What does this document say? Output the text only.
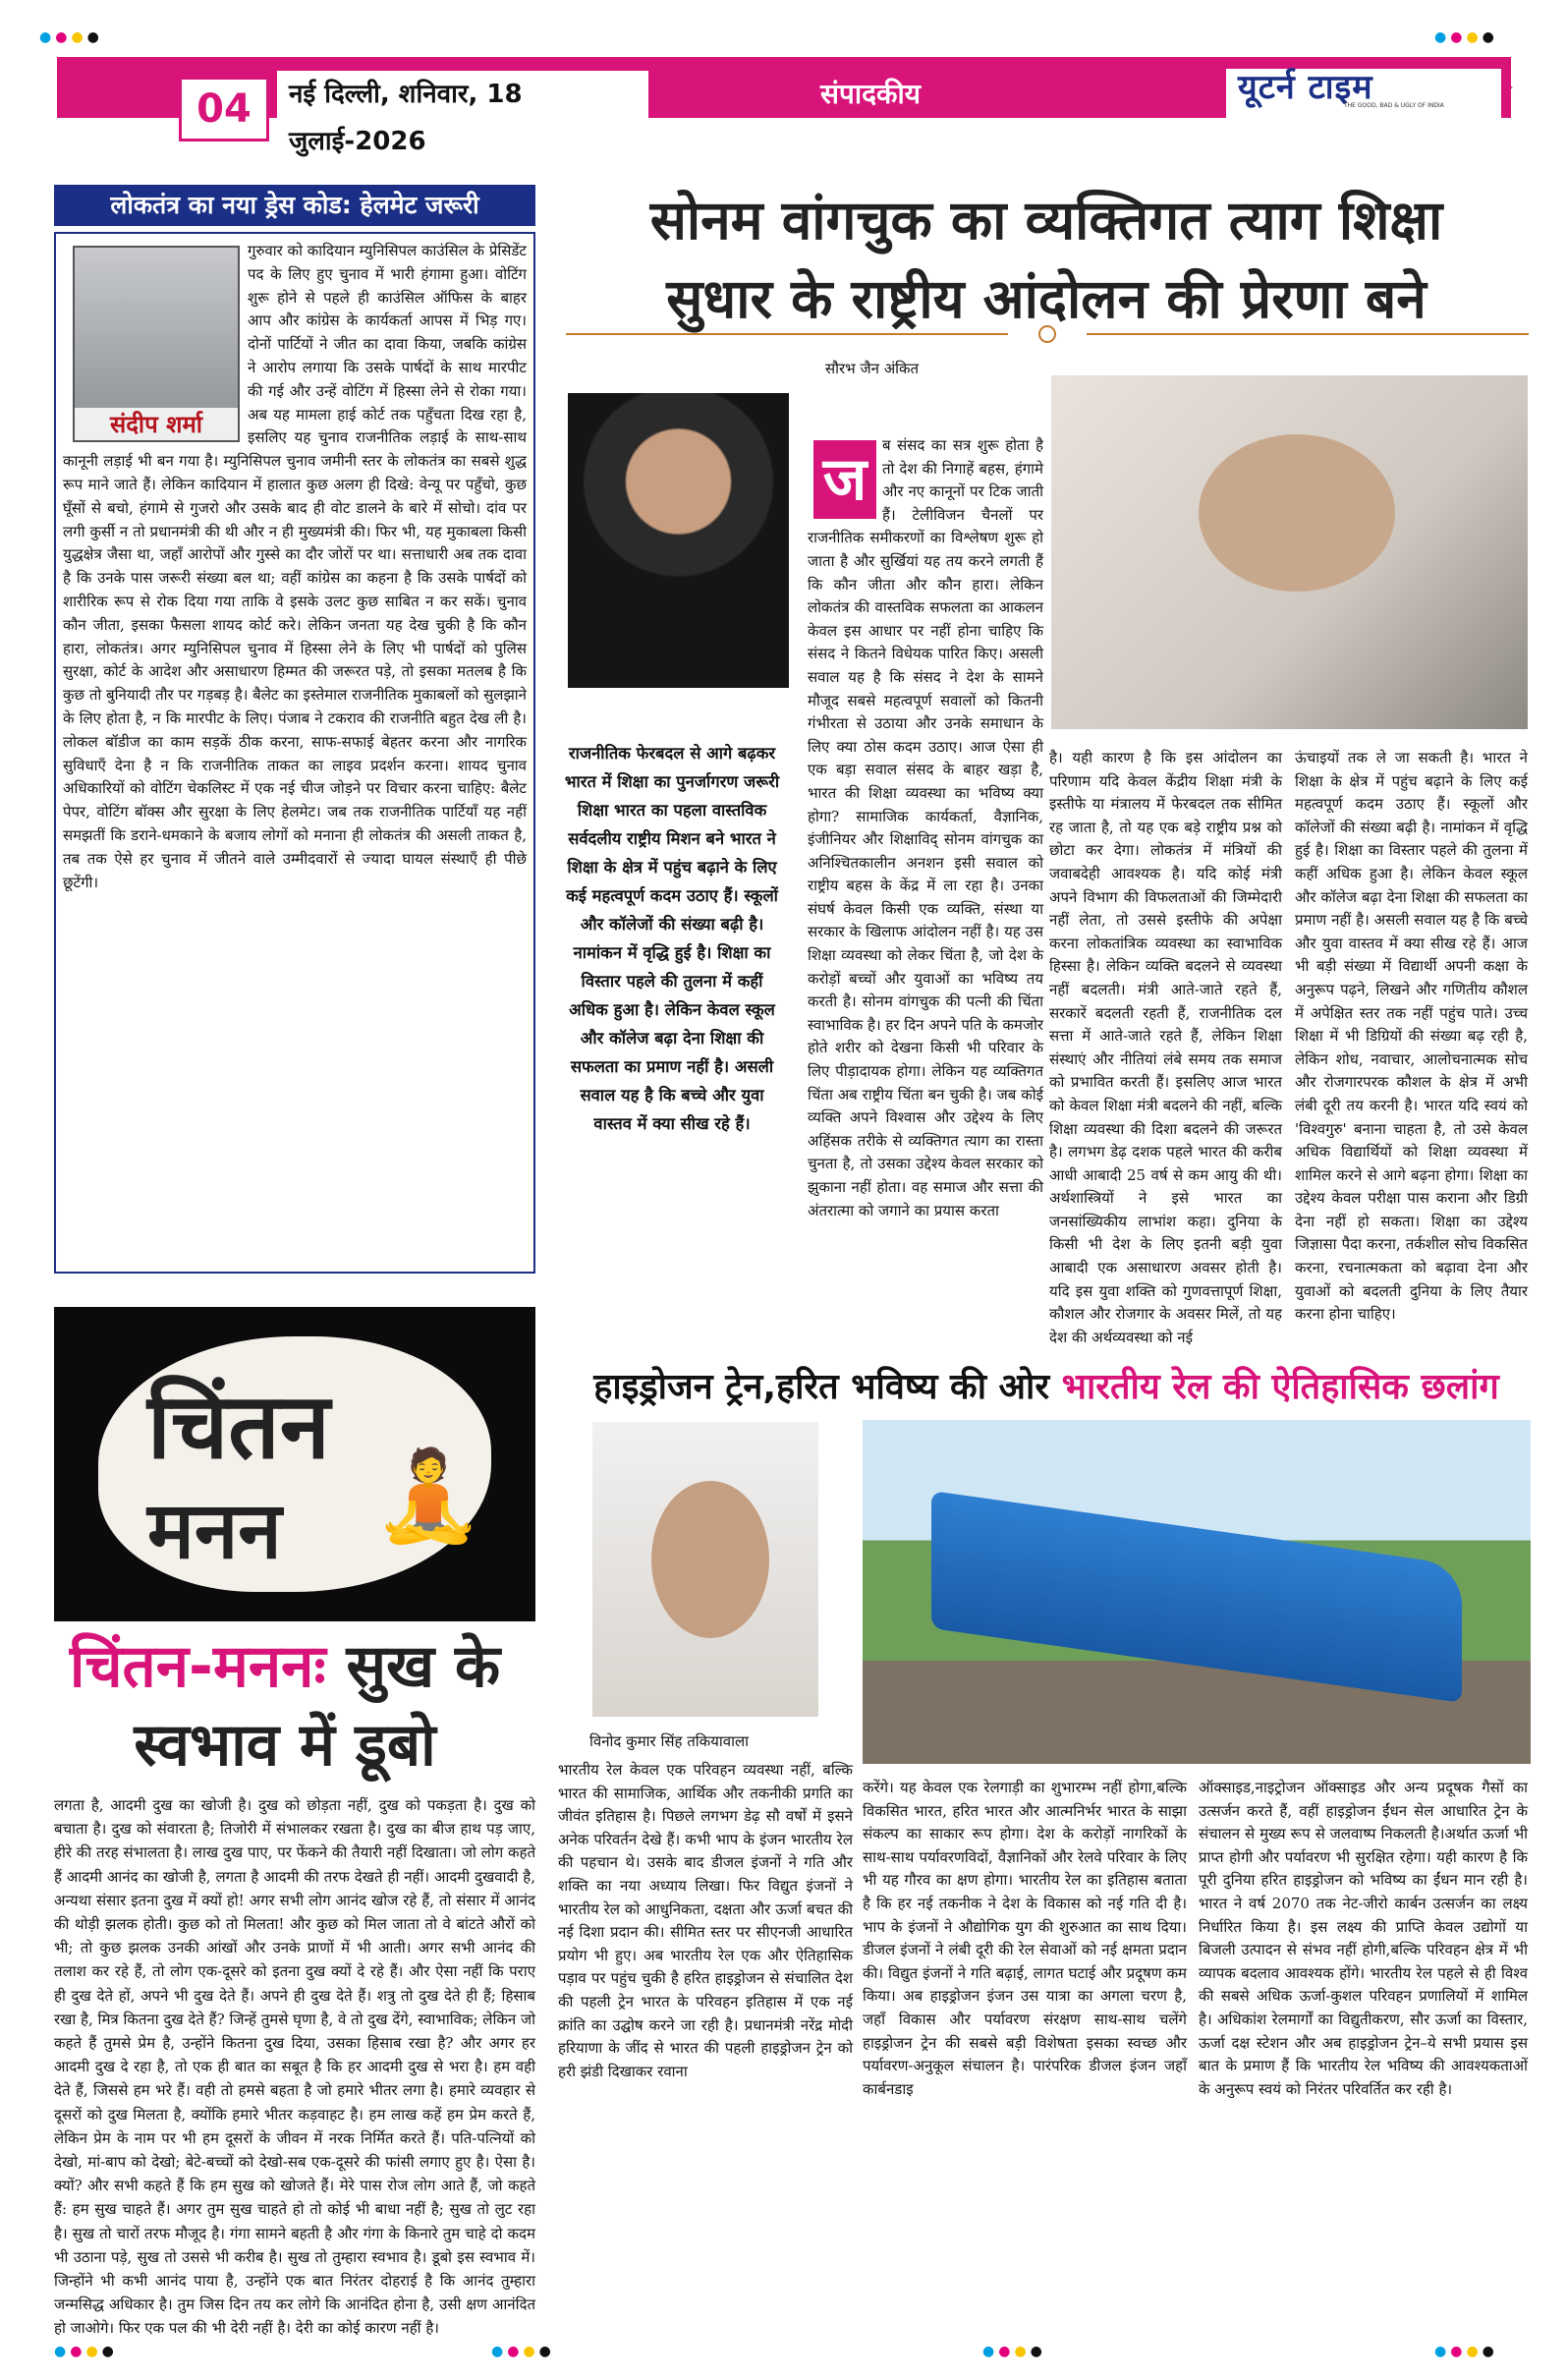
04	नई दिल्ली, शनिवार, 18 जुलाई-2026
संपादकीय	यूटर्न टाइम
THE GOOD, BAD & UGLY OF INDIA
●●●●	●●●●
लोकतंत्र का नया ड्रेस कोड: हेलमेट जरूरी
संदीप शर्मा

गुरुवार को कादियान म्युनिसिपल काउंसिल के प्रेसिडेंट पद के लिए हुए चुनाव में भारी हंगामा हुआ। वोटिंग शुरू होने से पहले ही काउंसिल ऑफिस के बाहर आप और कांग्रेस के कार्यकर्ता आपस में भिड़ गए। दोनों पार्टियों ने जीत का दावा किया, जबकि कांग्रेस ने आरोप लगाया कि उसके पार्षदों के साथ मारपीट की गई और उन्हें वोटिंग में हिस्सा लेने से रोका गया। अब यह मामला हाई कोर्ट तक पहुँचता दिख रहा है, इसलिए यह चुनाव राजनीतिक लड़ाई के साथ-साथ कानूनी लड़ाई भी बन गया है। म्युनिसिपल चुनाव जमीनी स्तर के लोकतंत्र का सबसे शुद्ध रूप माने जाते हैं। लेकिन कादियान में हालात कुछ अलग ही दिखे: वेन्यू पर पहुँचो, कुछ घूँसों से बचो, हंगामे से गुजरो और उसके बाद ही वोट डालने के बारे में सोचो। दांव पर लगी कुर्सी न तो प्रधानमंत्री की थी और न ही मुख्यमंत्री की। फिर भी, यह मुकाबला किसी युद्धक्षेत्र जैसा था, जहाँ आरोपों और गुस्से का दौर जोरों पर था। सत्ताधारी अब तक दावा है कि उनके पास जरूरी संख्या बल था; वहीं कांग्रेस का कहना है कि उसके पार्षदों को शारीरिक रूप से रोक दिया गया ताकि वे इसके उलट कुछ साबित न कर सकें। चुनाव कौन जीता, इसका फैसला शायद कोर्ट करे। लेकिन जनता यह देख चुकी है कि कौन हारा, लोकतंत्र। अगर म्युनिसिपल चुनाव में हिस्सा लेने के लिए भी पार्षदों को पुलिस सुरक्षा, कोर्ट के आदेश और असाधारण हिम्मत की जरूरत पड़े, तो इसका मतलब है कि कुछ तो बुनियादी तौर पर गड़बड़ है। बैलेट का इस्तेमाल राजनीतिक मुकाबलों को सुलझाने के लिए होता है, न कि मारपीट के लिए। पंजाब ने टकराव की राजनीति बहुत देख ली है। लोकल बॉडीज का काम सड़कें ठीक करना, साफ-सफाई बेहतर करना और नागरिक सुविधाएँ देना है न कि राजनीतिक ताकत का लाइव प्रदर्शन करना। शायद चुनाव अधिकारियों को वोटिंग चेकलिस्ट में एक नई चीज जोड़ने पर विचार करना चाहिए: बैलेट पेपर, वोटिंग बॉक्स और सुरक्षा के लिए हेलमेट। जब तक राजनीतिक पार्टियाँ यह नहीं समझतीं कि डराने-धमकाने के बजाय लोगों को मनाना ही लोकतंत्र की असली ताकत है, तब तक ऐसे हर चुनाव में जीतने वाले उम्मीदवारों से ज्यादा घायल संस्थाएँ ही पीछे छूटेंगी।

चिंतन
मनन 🧘
चिंतन-मननः सुख के
स्वभाव में डूबो

लगता है, आदमी दुख का खोजी है। दुख को छोड़ता नहीं, दुख को पकड़ता है। दुख को बचाता है। दुख को संवारता है; तिजोरी में संभालकर रखता है। दुख का बीज हाथ पड़ जाए, हीरे की तरह संभालता है। लाख दुख पाए, पर फेंकने की तैयारी नहीं दिखाता। जो लोग कहते हैं आदमी आनंद का खोजी है, लगता है आदमी की तरफ देखते ही नहीं। आदमी दुखवादी है, अन्यथा संसार इतना दुख में क्यों हो! अगर सभी लोग आनंद खोज रहे हैं, तो संसार में आनंद की थोड़ी झलक होती। कुछ को तो मिलता! और कुछ को मिल जाता तो वे बांटते औरों को भी; तो कुछ झलक उनकी आंखों और उनके प्राणों में भी आती। अगर सभी आनंद की तलाश कर रहे हैं, तो लोग एक-दूसरे को इतना दुख क्यों दे रहे हैं। और ऐसा नहीं कि पराए ही दुख देते हों, अपने भी दुख देते हैं। अपने ही दुख देते हैं। शत्रु तो दुख देते ही हैं; हिसाब रखा है, मित्र कितना दुख देते हैं? जिन्हें तुमसे घृणा है, वे तो दुख देंगे, स्वाभाविक; लेकिन जो कहते हैं तुमसे प्रेम है, उन्होंने कितना दुख दिया, उसका हिसाब रखा है? और अगर हर आदमी दुख दे रहा है, तो एक ही बात का सबूत है कि हर आदमी दुख से भरा है। हम वही देते हैं, जिससे हम भरे हैं। वही तो हमसे बहता है जो हमारे भीतर लगा है। हमारे व्यवहार से दूसरों को दुख मिलता है, क्योंकि हमारे भीतर कड़वाहट है। हम लाख कहें हम प्रेम करते हैं, लेकिन प्रेम के नाम पर भी हम दूसरों के जीवन में नरक निर्मित करते हैं। पति-पत्नियों को देखो, मां-बाप को देखो; बेटे-बच्चों को देखो-सब एक-दूसरे की फांसी लगाए हुए है। ऐसा है। क्यों? और सभी कहते हैं कि हम सुख को खोजते हैं। मेरे पास रोज लोग आते हैं, जो कहते हैं: हम सुख चाहते हैं। अगर तुम सुख चाहते हो तो कोई भी बाधा नहीं है; सुख तो लुट रहा है। सुख तो चारों तरफ मौजूद है। गंगा सामने बहती है और गंगा के किनारे तुम चाहे दो कदम भी उठाना पड़े, सुख तो उससे भी करीब है। सुख तो तुम्हारा स्वभाव है। डूबो इस स्वभाव में। जिन्होंने भी कभी आनंद पाया है, उन्होंने एक बात निरंतर दोहराई है कि आनंद तुम्हारा जन्मसिद्ध अधिकार है। तुम जिस दिन तय कर लोगे कि आनंदित होना है, उसी क्षण आनंदित हो जाओगे। फिर एक पल की भी देरी नहीं है। देरी का कोई कारण नहीं है।

सोनम वांगचुक का व्यक्तिगत त्याग शिक्षा
सुधार के राष्ट्रीय आंदोलन की प्रेरणा बने
सौरभ जैन अंकित

राजनीतिक फेरबदल से आगे बढ़कर भारत में शिक्षा का पुनर्जागरण जरूरी शिक्षा भारत का पहला वास्तविक सर्वदलीय राष्ट्रीय मिशन बने भारत ने शिक्षा के क्षेत्र में पहुंच बढ़ाने के लिए कई महत्वपूर्ण कदम उठाए हैं। स्कूलों और कॉलेजों की संख्या बढ़ी है। नामांकन में वृद्धि हुई है। शिक्षा का विस्तार पहले की तुलना में कहीं अधिक हुआ है। लेकिन केवल स्कूल और कॉलेज बढ़ा देना शिक्षा की सफलता का प्रमाण नहीं है। असली सवाल यह है कि बच्चे और युवा वास्तव में क्या सीख रहे हैं।

ज	ब संसद का सत्र शुरू होता है तो देश की निगाहें बहस, हंगामे और नए कानूनों पर टिक जाती हैं। टेलीविजन चैनलों पर राजनीतिक समीकरणों का विश्लेषण शुरू हो जाता है और सुर्खियां यह तय करने लगती हैं कि कौन जीता और कौन हारा। लेकिन लोकतंत्र की वास्तविक सफलता का आकलन केवल इस आधार पर नहीं होना चाहिए कि संसद ने कितने विधेयक पारित किए। असली सवाल यह है कि संसद ने देश के सामने मौजूद सबसे महत्वपूर्ण सवालों को कितनी गंभीरता से उठाया और उनके समाधान के लिए क्या ठोस कदम उठाए। आज ऐसा ही एक बड़ा सवाल संसद के बाहर खड़ा है, भारत की शिक्षा व्यवस्था का भविष्य क्या होगा? सामाजिक कार्यकर्ता, वैज्ञानिक, इंजीनियर और शिक्षाविद् सोनम वांगचुक का अनिश्चितकालीन अनशन इसी सवाल को राष्ट्रीय बहस के केंद्र में ला रहा है। उनका संघर्ष केवल किसी एक व्यक्ति, संस्था या सरकार के खिलाफ आंदोलन नहीं है। यह उस शिक्षा व्यवस्था को लेकर चिंता है, जो देश के करोड़ों बच्चों और युवाओं का भविष्य तय करती है। सोनम वांगचुक की पत्नी की चिंता स्वाभाविक है। हर दिन अपने पति के कमजोर होते शरीर को देखना किसी भी परिवार के लिए पीड़ादायक होगा। लेकिन यह व्यक्तिगत चिंता अब राष्ट्रीय चिंता बन चुकी है। जब कोई व्यक्ति अपने विश्वास और उद्देश्य के लिए अहिंसक तरीके से व्यक्तिगत त्याग का रास्ता चुनता है, तो उसका उद्देश्य केवल सरकार को झुकाना नहीं होता। वह समाज और सत्ता की अंतरात्मा को जगाने का प्रयास करता

है। यही कारण है कि इस आंदोलन का परिणाम यदि केवल केंद्रीय शिक्षा मंत्री के इस्तीफे या मंत्रालय में फेरबदल तक सीमित रह जाता है, तो यह एक बड़े राष्ट्रीय प्रश्न को छोटा कर देगा। लोकतंत्र में मंत्रियों की जवाबदेही आवश्यक है। यदि कोई मंत्री अपने विभाग की विफलताओं की जिम्मेदारी नहीं लेता, तो उससे इस्तीफे की अपेक्षा करना लोकतांत्रिक व्यवस्था का स्वाभाविक हिस्सा है। लेकिन व्यक्ति बदलने से व्यवस्था नहीं बदलती। मंत्री आते-जाते रहते हैं, सरकारें बदलती रहती हैं, राजनीतिक दल सत्ता में आते-जाते रहते हैं, लेकिन शिक्षा संस्थाएं और नीतियां लंबे समय तक समाज को प्रभावित करती हैं। इसलिए आज भारत को केवल शिक्षा मंत्री बदलने की नहीं, बल्कि शिक्षा व्यवस्था की दिशा बदलने की जरूरत है। लगभग डेढ़ दशक पहले भारत की करीब आधी आबादी 25 वर्ष से कम आयु की थी। अर्थशास्त्रियों ने इसे भारत का जनसांख्यिकीय लाभांश कहा। दुनिया के किसी भी देश के लिए इतनी बड़ी युवा आबादी एक असाधारण अवसर होती है। यदि इस युवा शक्ति को गुणवत्तापूर्ण शिक्षा, कौशल और रोजगार के अवसर मिलें, तो यह देश की अर्थव्यवस्था को नई

ऊंचाइयों तक ले जा सकती है। भारत ने शिक्षा के क्षेत्र में पहुंच बढ़ाने के लिए कई महत्वपूर्ण कदम उठाए हैं। स्कूलों और कॉलेजों की संख्या बढ़ी है। नामांकन में वृद्धि हुई है। शिक्षा का विस्तार पहले की तुलना में कहीं अधिक हुआ है। लेकिन केवल स्कूल और कॉलेज बढ़ा देना शिक्षा की सफलता का प्रमाण नहीं है। असली सवाल यह है कि बच्चे और युवा वास्तव में क्या सीख रहे हैं। आज भी बड़ी संख्या में विद्यार्थी अपनी कक्षा के अनुरूप पढ़ने, लिखने और गणितीय कौशल में अपेक्षित स्तर तक नहीं पहुंच पाते। उच्च शिक्षा में भी डिग्रियों की संख्या बढ़ रही है, लेकिन शोध, नवाचार, आलोचनात्मक सोच और रोजगारपरक कौशल के क्षेत्र में अभी लंबी दूरी तय करनी है। भारत यदि स्वयं को 'विश्वगुरु' बनाना चाहता है, तो उसे केवल अधिक विद्यार्थियों को शिक्षा व्यवस्था में शामिल करने से आगे बढ़ना होगा। शिक्षा का उद्देश्य केवल परीक्षा पास कराना और डिग्री देना नहीं हो सकता। शिक्षा का उद्देश्य जिज्ञासा पैदा करना, तर्कशील सोच विकसित करना, रचनात्मकता को बढ़ावा देना और युवाओं को बदलती दुनिया के लिए तैयार करना होना चाहिए।

हाइड्रोजन ट्रेन,हरित भविष्य की ओर भारतीय रेल की ऐतिहासिक छलांग
विनोद कुमार सिंह तकियावाला

भारतीय रेल केवल एक परिवहन व्यवस्था नहीं, बल्कि भारत की सामाजिक, आर्थिक और तकनीकी प्रगति का जीवंत इतिहास है। पिछले लगभग डेढ़ सौ वर्षों में इसने अनेक परिवर्तन देखे हैं। कभी भाप के इंजन भारतीय रेल की पहचान थे। उसके बाद डीजल इंजनों ने गति और शक्ति का नया अध्याय लिखा। फिर विद्युत इंजनों ने भारतीय रेल को आधुनिकता, दक्षता और ऊर्जा बचत की नई दिशा प्रदान की। सीमित स्तर पर सीएनजी आधारित प्रयोग भी हुए। अब भारतीय रेल एक और ऐतिहासिक पड़ाव पर पहुंच चुकी है हरित हाइड्रोजन से संचालित देश की पहली ट्रेन भारत के परिवहन इतिहास में एक नई क्रांति का उद्घोष करने जा रही है। प्रधानमंत्री नरेंद्र मोदी हरियाणा के जींद से भारत की पहली हाइड्रोजन ट्रेन को हरी झंडी दिखाकर रवाना

करेंगे। यह केवल एक रेलगाड़ी का शुभारम्भ नहीं होगा,बल्कि विकसित भारत, हरित भारत और आत्मनिर्भर भारत के साझा संकल्प का साकार रूप होगा। देश के करोड़ों नागरिकों के साथ-साथ पर्यावरणविदों, वैज्ञानिकों और रेलवे परिवार के लिए भी यह गौरव का क्षण होगा। भारतीय रेल का इतिहास बताता है कि हर नई तकनीक ने देश के विकास को नई गति दी है। भाप के इंजनों ने औद्योगिक युग की शुरुआत का साथ दिया। डीजल इंजनों ने लंबी दूरी की रेल सेवाओं को नई क्षमता प्रदान की। विद्युत इंजनों ने गति बढ़ाई, लागत घटाई और प्रदूषण कम किया। अब हाइड्रोजन इंजन उस यात्रा का अगला चरण है, जहाँ विकास और पर्यावरण संरक्षण साथ-साथ चलेंगे हाइड्रोजन ट्रेन की सबसे बड़ी विशेषता इसका स्वच्छ और पर्यावरण-अनुकूल संचालन है। पारंपरिक डीजल इंजन जहाँ कार्बनडाइ

ऑक्साइड,नाइट्रोजन ऑक्साइड और अन्य प्रदूषक गैसों का उत्सर्जन करते हैं, वहीं हाइड्रोजन ईंधन सेल आधारित ट्रेन के संचालन से मुख्य रूप से जलवाष्प निकलती है।अर्थात ऊर्जा भी प्राप्त होगी और पर्यावरण भी सुरक्षित रहेगा। यही कारण है कि पूरी दुनिया हरित हाइड्रोजन को भविष्य का ईंधन मान रही है। भारत ने वर्ष 2070 तक नेट-जीरो कार्बन उत्सर्जन का लक्ष्य निर्धारित किया है। इस लक्ष्य की प्राप्ति केवल उद्योगों या बिजली उत्पादन से संभव नहीं होगी,बल्कि परिवहन क्षेत्र में भी व्यापक बदलाव आवश्यक होंगे। भारतीय रेल पहले से ही विश्व की सबसे अधिक ऊर्जा-कुशल परिवहन प्रणालियों में शामिल है। अधिकांश रेलमार्गों का विद्युतीकरण, सौर ऊर्जा का विस्तार, ऊर्जा दक्ष स्टेशन और अब हाइड्रोजन ट्रेन–ये सभी प्रयास इस बात के प्रमाण हैं कि भारतीय रेल भविष्य की आवश्यकताओं के अनुरूप स्वयं को निरंतर परिवर्तित कर रही है।

●●●●	●●●●	●●●●	●●●●
